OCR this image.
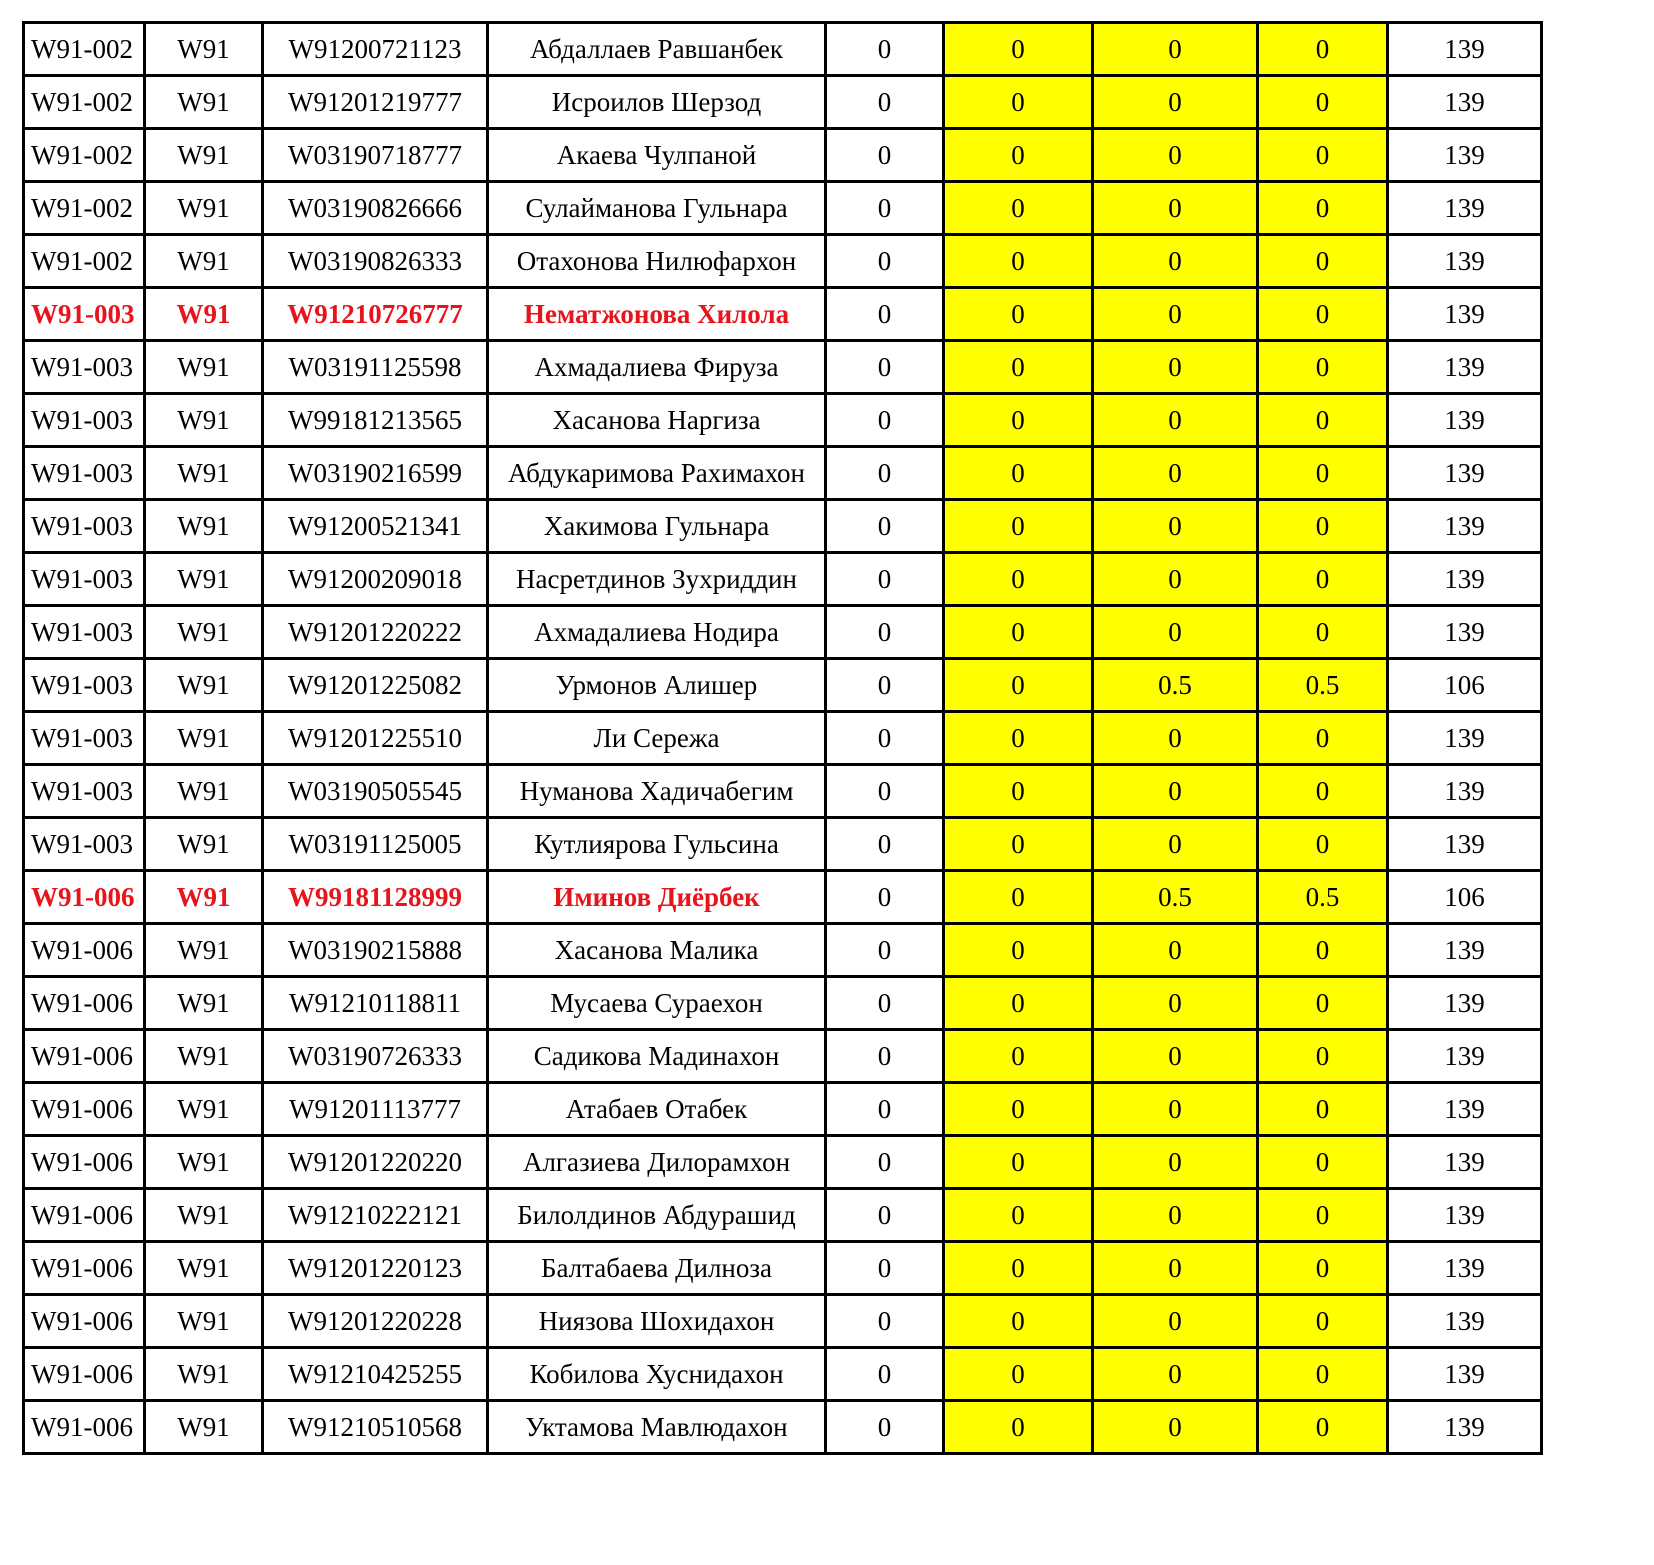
W91-002	W91	W91200721123	Абдаллаев Равшанбек	0	0	0	0	139
W91-002	W91	W91201219777	Исроилов Шерзод	0	0	0	0	139
W91-002	W91	W03190718777	Акаева Чулпаной	0	0	0	0	139
W91-002	W91	W03190826666	Сулайманова Гульнара	0	0	0	0	139
W91-002	W91	W03190826333	Отахонова Нилюфархон	0	0	0	0	139
W91-003	W91	W91210726777	Нематжонова Хилола	0	0	0	0	139
W91-003	W91	W03191125598	Ахмадалиева Фируза	0	0	0	0	139
W91-003	W91	W99181213565	Хасанова Наргиза	0	0	0	0	139
W91-003	W91	W03190216599	Абдукаримова Рахимахон	0	0	0	0	139
W91-003	W91	W91200521341	Хакимова Гульнара	0	0	0	0	139
W91-003	W91	W91200209018	Насретдинов Зухриддин	0	0	0	0	139
W91-003	W91	W91201220222	Ахмадалиева Нодира	0	0	0	0	139
W91-003	W91	W91201225082	Урмонов Алишер	0	0	0.5	0.5	106
W91-003	W91	W91201225510	Ли Сережа	0	0	0	0	139
W91-003	W91	W03190505545	Нуманова Хадичабегим	0	0	0	0	139
W91-003	W91	W03191125005	Кутлиярова Гульсина	0	0	0	0	139
W91-006	W91	W99181128999	Иминов Диёрбек	0	0	0.5	0.5	106
W91-006	W91	W03190215888	Хасанова Малика	0	0	0	0	139
W91-006	W91	W91210118811	Мусаева Сураехон	0	0	0	0	139
W91-006	W91	W03190726333	Садикова Мадинахон	0	0	0	0	139
W91-006	W91	W91201113777	Атабаев Отабек	0	0	0	0	139
W91-006	W91	W91201220220	Алгазиева Дилорамхон	0	0	0	0	139
W91-006	W91	W91210222121	Билолдинов Абдурашид	0	0	0	0	139
W91-006	W91	W91201220123	Балтабаева Дилноза	0	0	0	0	139
W91-006	W91	W91201220228	Ниязова Шохидахон	0	0	0	0	139
W91-006	W91	W91210425255	Кобилова Хуснидахон	0	0	0	0	139
W91-006	W91	W91210510568	Уктамова Мавлюдахон	0	0	0	0	139
